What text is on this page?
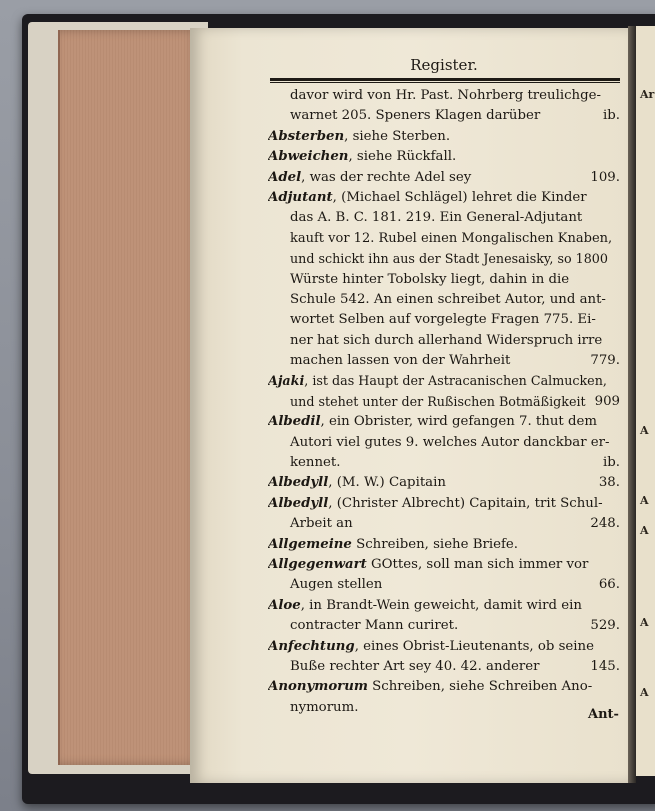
Ar
A
A
A
A
A
Register.
davor wird von Hr. Past. Nohrberg treulichge-
warnet 205. Speners Klagen darüber	ib.
Absterben, siehe Sterben.
Abweichen, siehe Rückfall.
Adel, was der rechte Adel sey	109.
Adjutant, (Michael Schlägel) lehret die Kinder
das A. B. C. 181. 219. Ein General-Adjutant
kauft vor 12. Rubel einen Mongalischen Knaben,
und schickt ihn aus der Stadt Jenesaisky, so 1800
Würste hinter Tobolsky liegt, dahin in die
Schule 542. An einen schreibet Autor, und ant-
wortet Selben auf vorgelegte Fragen 775. Ei-
ner hat sich durch allerhand Widerspruch irre
machen lassen von der Wahrheit	779.
Ajaki, ist das Haupt der Astracanischen Calmucken,
und stehet unter der Rußischen Botmäßigkeit 909
Albedil, ein Obrister, wird gefangen 7. thut dem
Autori viel gutes 9. welches Autor danckbar er-
kennet.	ib.
Albedyll, (M. W.) Capitain	38.
Albedyll, (Christer Albrecht) Capitain, trit Schul-
Arbeit an	248.
Allgemeine Schreiben, siehe Briefe.
Allgegenwart GOttes, soll man sich immer vor
Augen stellen	66.
Aloe, in Brandt-Wein geweicht, damit wird ein
contracter Mann curiret.	529.
Anfechtung, eines Obrist-Lieutenants, ob seine
Buße rechter Art sey 40. 42. anderer	145.
Anonymorum Schreiben, siehe Schreiben Ano-
nymorum.	Ant-
